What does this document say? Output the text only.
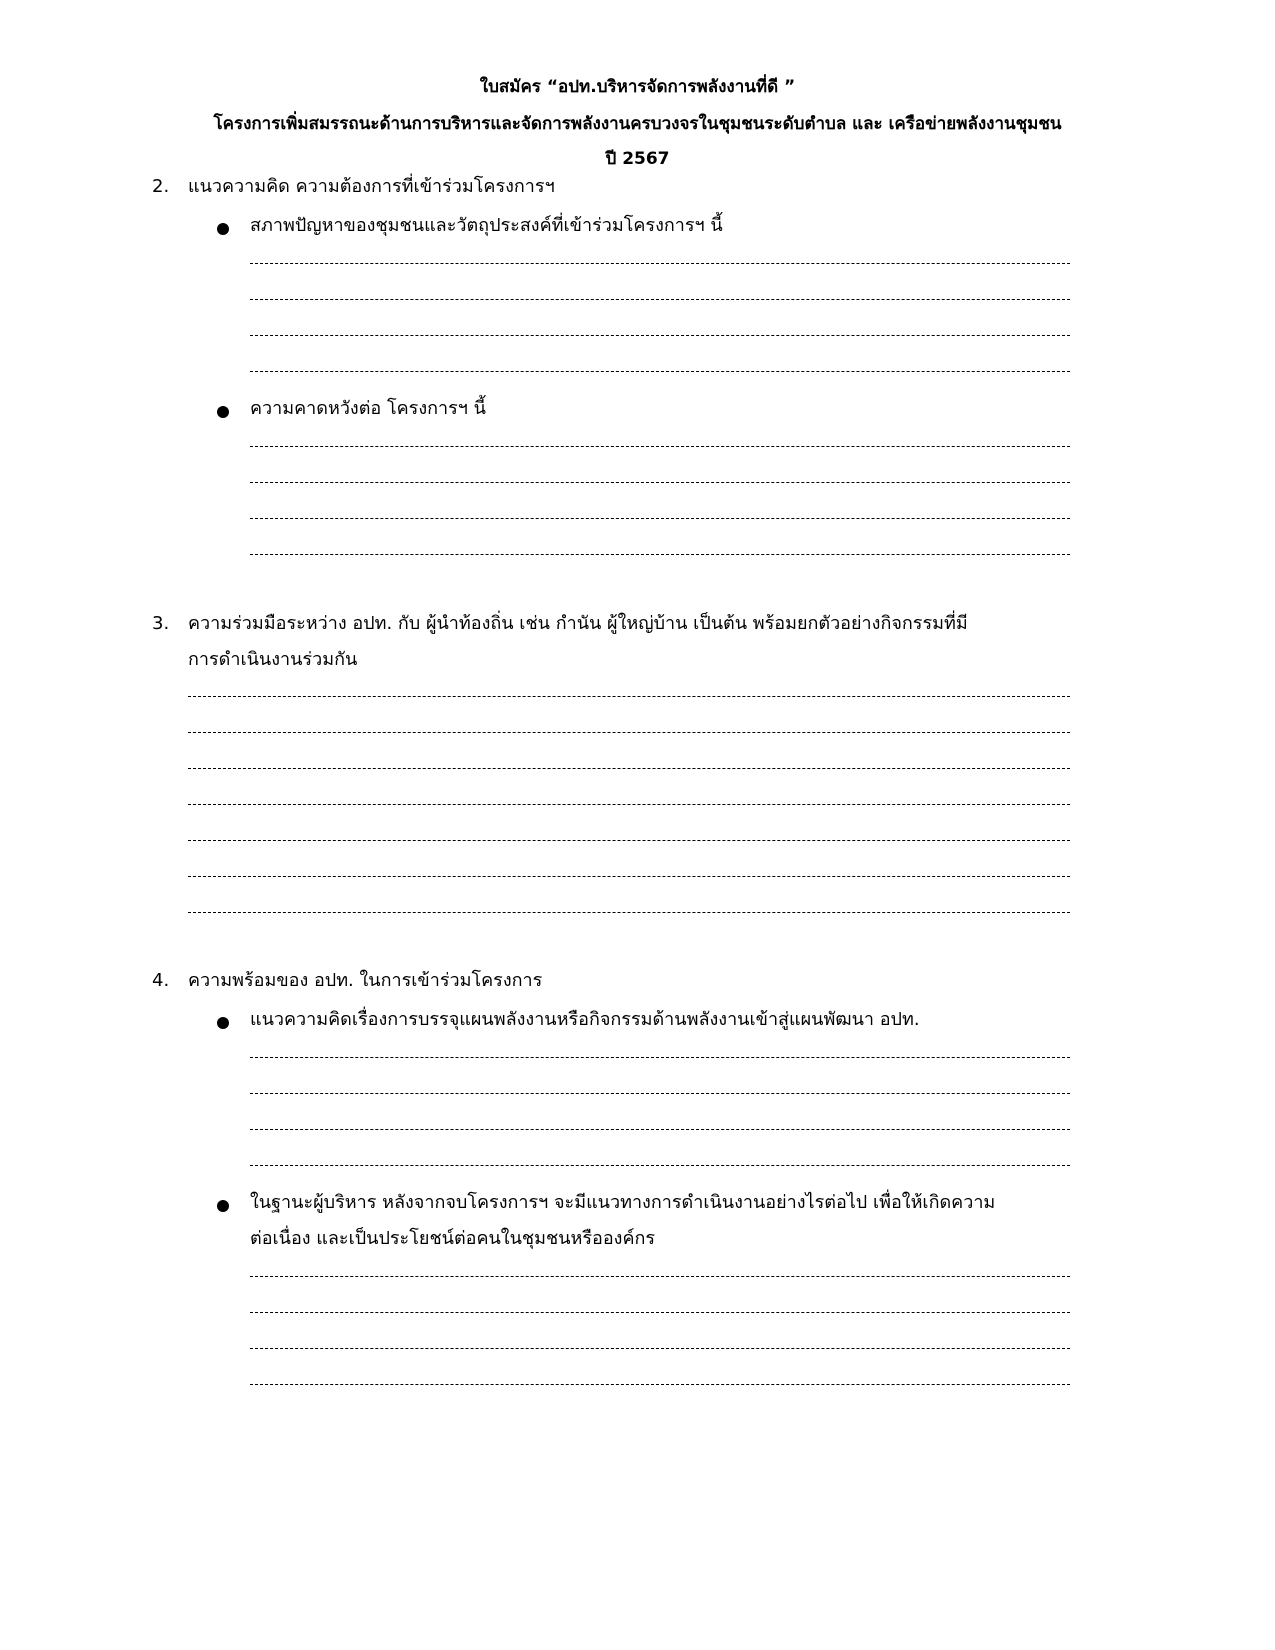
ใบสมัคร “อปท.บริหารจัดการพลังงานที่ดี ”
โครงการเพิ่มสมรรถนะด้านการบริหารและจัดการพลังงานครบวงจรในชุมชนระดับตำบล และ เครือข่ายพลังงานชุมชน
ปี 2567
2. แนวความคิด ความต้องการที่เข้าร่วมโครงการฯ
สภาพปัญหาของชุมชนและวัตถุประสงค์ที่เข้าร่วมโครงการฯ นี้
ความคาดหวังต่อ โครงการฯ นี้
3. ความร่วมมือระหว่าง อปท. กับ ผู้นำท้องถิ่น เช่น กำนัน ผู้ใหญ่บ้าน เป็นต้น พร้อมยกตัวอย่างกิจกรรมที่มี
การดำเนินงานร่วมกัน
4. ความพร้อมของ อปท. ในการเข้าร่วมโครงการ
แนวความคิดเรื่องการบรรจุแผนพลังงานหรือกิจกรรมด้านพลังงานเข้าสู่แผนพัฒนา อปท.
ในฐานะผู้บริหาร หลังจากจบโครงการฯ จะมีแนวทางการดำเนินงานอย่างไรต่อไป เพื่อให้เกิดความ
ต่อเนื่อง และเป็นประโยชน์ต่อคนในชุมชนหรือองค์กร
